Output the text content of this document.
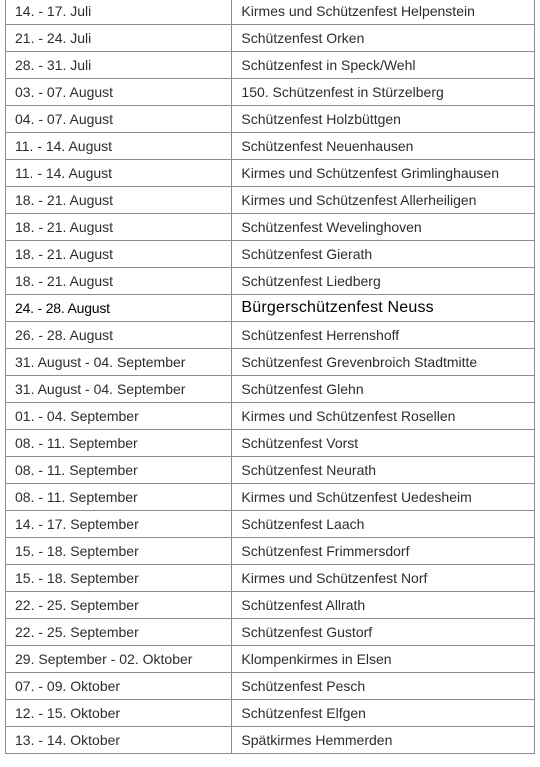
14. - 17. Juli	Kirmes und Schützenfest Helpenstein
21. - 24. Juli	Schützenfest Orken
28. - 31. Juli	Schützenfest in Speck/Wehl
03. - 07. August	150. Schützenfest in Stürzelberg
04. - 07. August	Schützenfest Holzbüttgen
11. - 14. August	Schützenfest Neuenhausen
11. - 14. August	Kirmes und Schützenfest Grimlinghausen
18. - 21. August	Kirmes und Schützenfest Allerheiligen
18. - 21. August	Schützenfest Wevelinghoven
18. - 21. August	Schützenfest Gierath
18. - 21. August	Schützenfest Liedberg
24. - 28. August	Bürgerschützenfest Neuss
26. - 28. August	Schützenfest Herrenshoff
31. August - 04. September	Schützenfest Grevenbroich Stadtmitte
31. August - 04. September	Schützenfest Glehn
01. - 04. September	Kirmes und Schützenfest Rosellen
08. - 11. September	Schützenfest Vorst
08. - 11. September	Schützenfest Neurath
08. - 11. September	Kirmes und Schützenfest Uedesheim
14. - 17. September	Schützenfest Laach
15. - 18. September	Schützenfest Frimmersdorf
15. - 18. September	Kirmes und Schützenfest Norf
22. - 25. September	Schützenfest Allrath
22. - 25. September	Schützenfest Gustorf
29. September - 02. Oktober	Klompenkirmes in Elsen
07. - 09. Oktober	Schützenfest Pesch
12. - 15. Oktober	Schützenfest Elfgen
13. - 14. Oktober	Spätkirmes Hemmerden
